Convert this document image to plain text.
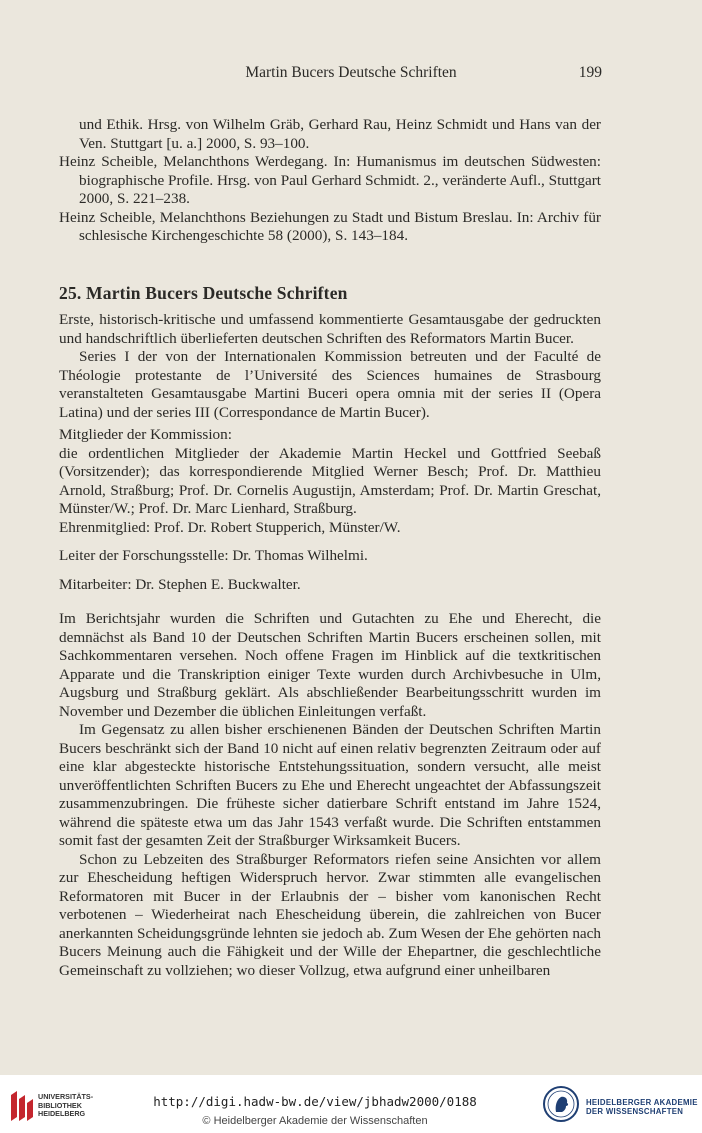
Martin Bucers Deutsche Schriften	199

und Ethik. Hrsg. von Wilhelm Gräb, Gerhard Rau, Heinz Schmidt und Hans van der Ven. Stuttgart [u. a.] 2000, S. 93–100.

Heinz Scheible, Melanchthons Werdegang. In: Humanismus im deutschen Südwesten: biographische Profile. Hrsg. von Paul Gerhard Schmidt. 2., veränderte Aufl., Stuttgart 2000, S. 221–238.

Heinz Scheible, Melanchthons Beziehungen zu Stadt und Bistum Breslau. In: Archiv für schlesische Kirchengeschichte 58 (2000), S. 143–184.

25. Martin Bucers Deutsche Schriften

Erste, historisch-kritische und umfassend kommentierte Gesamtausgabe der gedruckten und handschriftlich überlieferten deutschen Schriften des Reformators Martin Bucer.

Series I der von der Internationalen Kommission betreuten und der Faculté de Théologie protestante de l’Université des Sciences humaines de Strasbourg veranstalteten Gesamtausgabe Martini Buceri opera omnia mit der series II (Opera Latina) und der series III (Correspondance de Martin Bucer).

Mitglieder der Kommission:

die ordentlichen Mitglieder der Akademie Martin Heckel und Gottfried Seebaß (Vorsitzender); das korrespondierende Mitglied Werner Besch; Prof. Dr. Matthieu Arnold, Straßburg; Prof. Dr. Cornelis Augustijn, Amsterdam; Prof. Dr. Martin Greschat, Münster/W.; Prof. Dr. Marc Lienhard, Straßburg.

Ehrenmitglied: Prof. Dr. Robert Stupperich, Münster/W.

Leiter der Forschungsstelle: Dr. Thomas Wilhelmi.

Mitarbeiter: Dr. Stephen E. Buckwalter.

Im Berichtsjahr wurden die Schriften und Gutachten zu Ehe und Eherecht, die demnächst als Band 10 der Deutschen Schriften Martin Bucers erscheinen sollen, mit Sachkommentaren versehen. Noch offene Fragen im Hinblick auf die textkritischen Apparate und die Transkription einiger Texte wurden durch Archivbesuche in Ulm, Augsburg und Straßburg geklärt. Als abschließender Bearbeitungsschritt wurden im November und Dezember die üblichen Einleitungen verfaßt.

Im Gegensatz zu allen bisher erschienenen Bänden der Deutschen Schriften Martin Bucers beschränkt sich der Band 10 nicht auf einen relativ begrenzten Zeitraum oder auf eine klar abgesteckte historische Entstehungssituation, sondern versucht, alle meist unveröffentlichten Schriften Bucers zu Ehe und Eherecht ungeachtet der Abfassungszeit zusammenzubringen. Die früheste sicher datierbare Schrift entstand im Jahre 1524, während die späteste etwa um das Jahr 1543 verfaßt wurde. Die Schriften entstammen somit fast der gesamten Zeit der Straßburger Wirksamkeit Bucers.

Schon zu Lebzeiten des Straßburger Reformators riefen seine Ansichten vor allem zur Ehescheidung heftigen Widerspruch hervor. Zwar stimmten alle evangelischen Reformatoren mit Bucer in der Erlaubnis der – bisher vom kanonischen Recht verbotenen – Wiederheirat nach Ehescheidung überein, die zahlreichen von Bucer anerkannten Scheidungsgründe lehnten sie jedoch ab. Zum Wesen der Ehe gehörten nach Bucers Meinung auch die Fähigkeit und der Wille der Ehepartner, die geschlechtliche Gemeinschaft zu vollziehen; wo dieser Vollzug, etwa aufgrund einer unheilbaren

UNIVERSITÄTS-
BIBLIOTHEK
HEIDELBERG
http://digi.hadw-bw.de/view/jbhadw2000/0188
© Heidelberger Akademie der Wissenschaften
HEIDELBERGER AKADEMIE
DER WISSENSCHAFTEN
